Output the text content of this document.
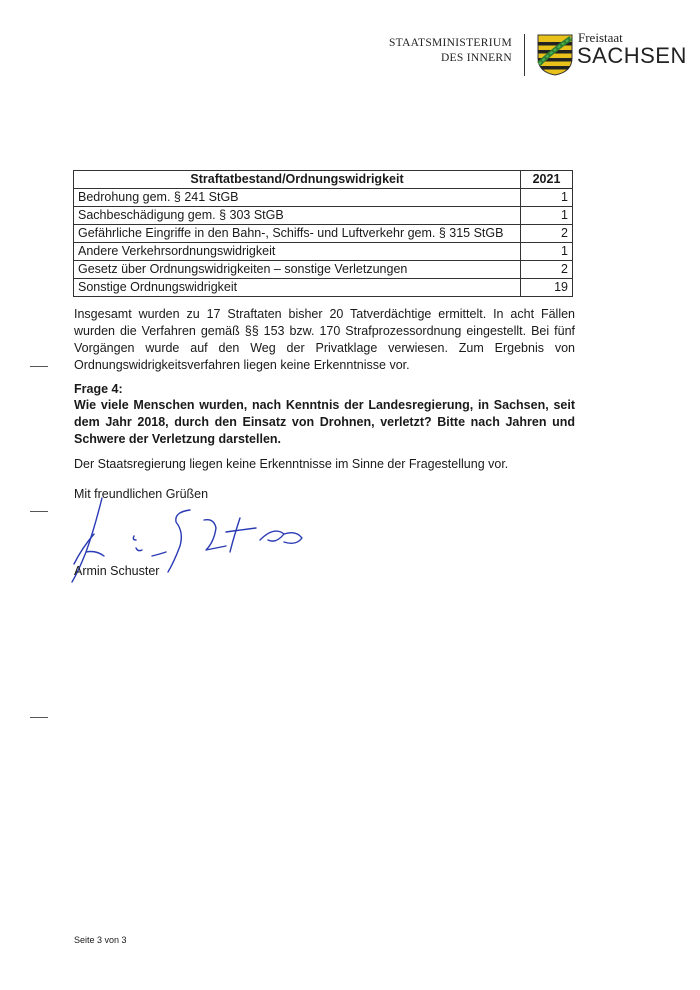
STAATSMINISTERIUM
DES INNERN
Freistaat
SACHSEN
Straftatbestand/Ordnungswidrigkeit	2021
Bedrohung gem. § 241 StGB	1
Sachbeschädigung gem. § 303 StGB	1
Gefährliche Eingriffe in den Bahn-, Schiffs- und Luftverkehr gem. § 315 StGB	2
Andere Verkehrsordnungswidrigkeit	1
Gesetz über Ordnungswidrigkeiten – sonstige Verletzungen	2
Sonstige Ordnungswidrigkeit	19
Insgesamt wurden zu 17 Straftaten bisher 20 Tatverdächtige ermittelt. In acht Fällen wurden die Verfahren gemäß §§ 153 bzw. 170 Strafprozessordnung eingestellt. Bei fünf Vorgängen wurde auf den Weg der Privatklage verwiesen. Zum Ergebnis von Ordnungswidrigkeitsverfahren liegen keine Erkenntnisse vor.
Frage 4:
Wie viele Menschen wurden, nach Kenntnis der Landesregierung, in Sachsen, seit dem Jahr 2018, durch den Einsatz von Drohnen, verletzt? Bitte nach Jahren und Schwere der Verletzung darstellen.
Der Staatsregierung liegen keine Erkenntnisse im Sinne der Fragestellung vor.
Mit freundlichen Grüßen
Armin Schuster
Seite 3 von 3
